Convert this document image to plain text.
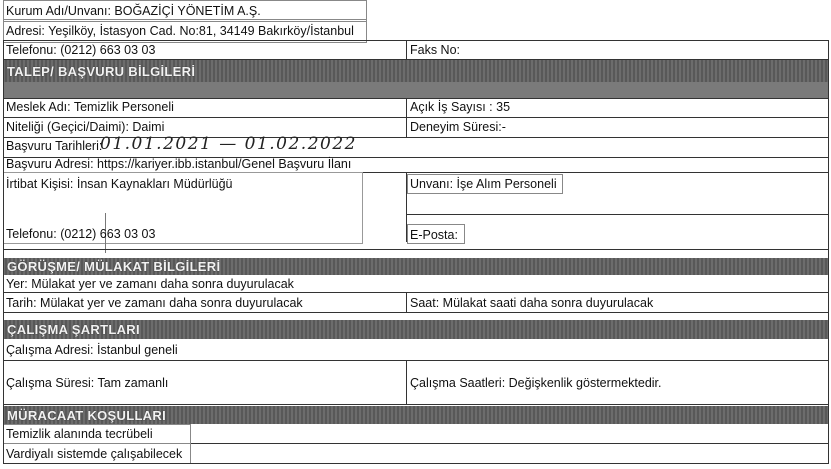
Kurum Adı/Unvanı: BOĞAZİÇİ YÖNETİM A.Ş.
Adresi: Yeşilköy, İstasyon Cad. No:81, 34149 Bakırköy/İstanbul
Telefonu: (0212) 663 03 03	Faks No:
TALEP/ BAŞVURU BİLGİLERİ
Meslek Adı: Temizlik Personeli	Açık İş Sayısı : 35
Niteliği (Geçici/Daimi): Daimi	Deneyim Süresi:-
Başvuru Tarihleri:
01.01.2021 — 01.02.2022
Başvuru Adresi: https://kariyer.ibb.istanbul/Genel Başvuru İlanı
İrtibat Kişisi: İnsan Kaynakları Müdürlüğü	Unvanı: İşe Alım Personeli
Telefonu: (0212) 663 03 03	E-Posta:
GÖRÜŞME/ MÜLAKAT BİLGİLERİ
Yer: Mülakat yer ve zamanı daha sonra duyurulacak
Tarih: Mülakat yer ve zamanı daha sonra duyurulacak	Saat: Mülakat saati daha sonra duyurulacak
ÇALIŞMA ŞARTLARI
Çalışma Adresi: İstanbul geneli
Çalışma Süresi: Tam zamanlı	Çalışma Saatleri: Değişkenlik göstermektedir.
MÜRACAAT KOŞULLARI
Temizlik alanında tecrübeli
Vardiyalı sistemde çalışabilecek
